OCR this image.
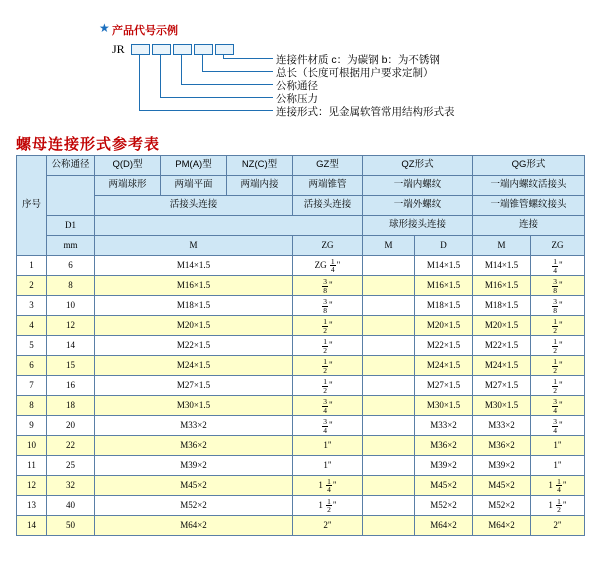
★ 产品代号示例
JR
连接件材质 c：为碳钢 b：为不锈钢
总长（长度可根据用户要求定制）
公称通径
公称压力
连接形式：见金属软管常用结构形式表
螺母连接形式参考表
序号	公称通径	Q(D)型	PM(A)型	NZ(C)型	GZ型	QZ形式		QG形式	
		两端球形	两端平面	两端内接	两端锥管	一端内螺纹		一端内螺纹活接头	
		活接头连接			活接头连接	一端外螺纹		一端锥管螺纹接头	
	D1					球形接头连接		连接	
	mm	M			ZG	M	D	M	ZG
1	6	M14×1.5			ZG $\frac{1}{4}$ "		M14×1.5	M14×1.5	$\frac{1}{4}$ "
2	8	M16×1.5			$\frac{3}{8}$ "		M16×1.5	M16×1.5	$\frac{3}{8}$ "
3	10	M18×1.5			$\frac{3}{8}$ "		M18×1.5	M18×1.5	$\frac{3}{8}$ "
4	12	M20×1.5			$\frac{1}{2}$ "		M20×1.5	M20×1.5	$\frac{1}{2}$ "
5	14	M22×1.5			$\frac{1}{2}$ "		M22×1.5	M22×1.5	$\frac{1}{2}$ "
6	15	M24×1.5			$\frac{1}{2}$ "		M24×1.5	M24×1.5	$\frac{1}{2}$ "
7	16	M27×1.5			$\frac{1}{2}$ "		M27×1.5	M27×1.5	$\frac{1}{2}$ "
8	18	M30×1.5			$\frac{3}{4}$ "		M30×1.5	M30×1.5	$\frac{3}{4}$ "
9	20	M33×2			$\frac{3}{4}$ "		M33×2	M33×2	$\frac{3}{4}$ "
10	22	M36×2			1"		M36×2	M36×2	1"
11	25	M39×2			1"		M39×2	M39×2	1"
12	32	M45×2			$1 \frac{1}{4}$ "		M45×2	M45×2	$1 \frac{1}{4}$ "
13	40	M52×2			$1 \frac{1}{2}$ "		M52×2	M52×2	$1 \frac{1}{2}$ "
14	50	M64×2			2"		M64×2	M64×2	2"
